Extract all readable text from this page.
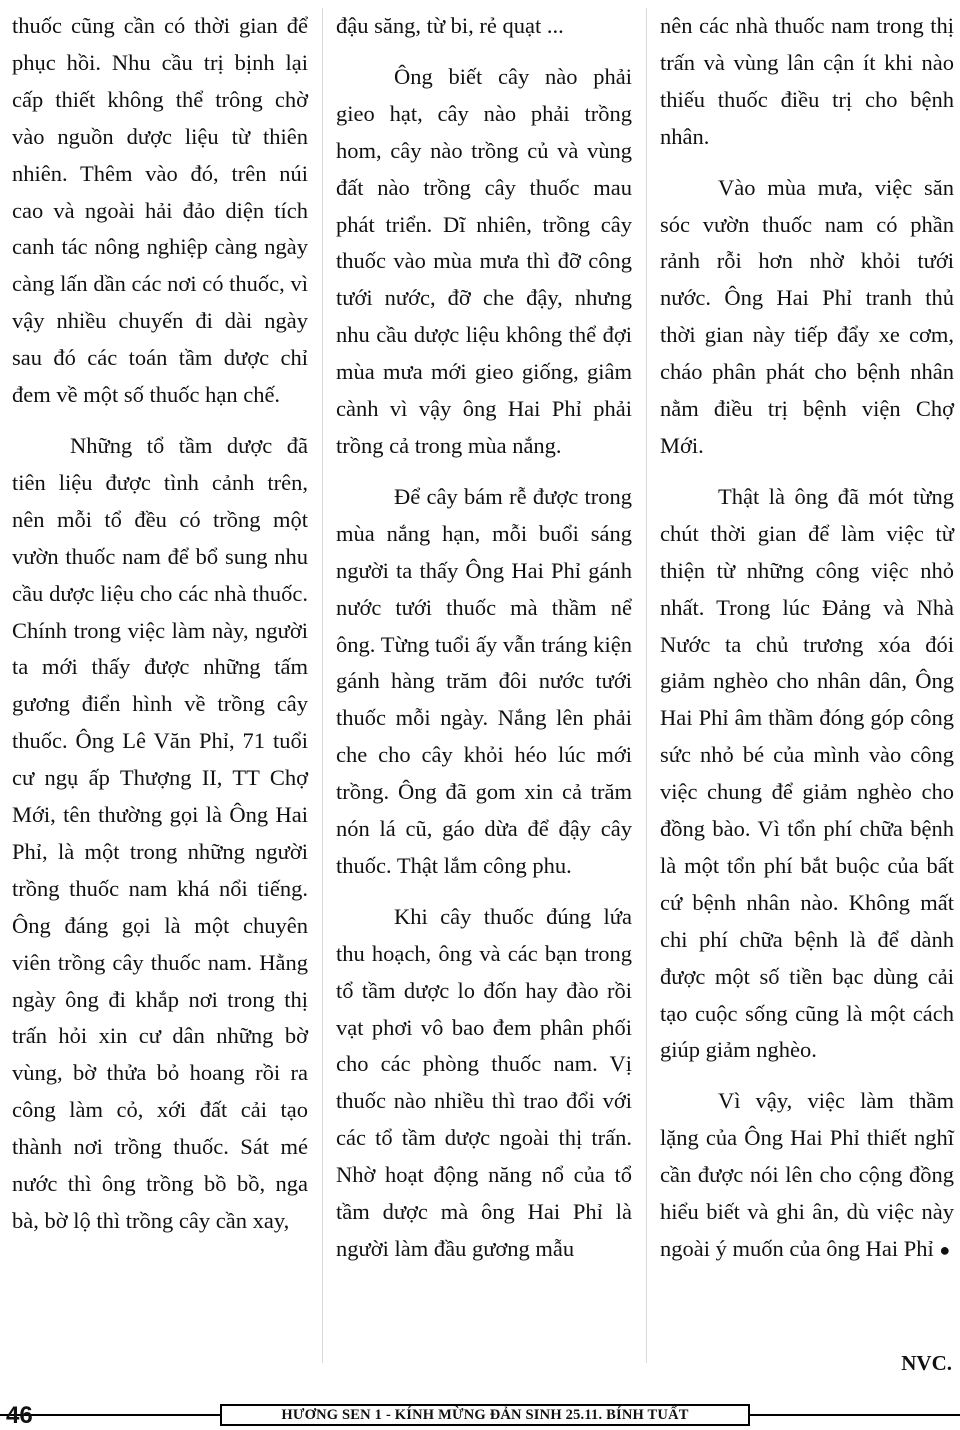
thuốc cũng cần có thời gian để phục hồi. Nhu cầu trị bịnh lại cấp thiết không thể trông chờ vào nguồn dược liệu từ thiên nhiên. Thêm vào đó, trên núi cao và ngoài hải đảo diện tích canh tác nông nghiệp càng ngày càng lấn dần các nơi có thuốc, vì vậy nhiều chuyến đi dài ngày sau đó các toán tầm dược chỉ đem về một số thuốc hạn chế.

Những tổ tầm dược đã tiên liệu được tình cảnh trên, nên mỗi tổ đều có trồng một vườn thuốc nam để bổ sung nhu cầu dược liệu cho các nhà thuốc. Chính trong việc làm này, người ta mới thấy được những tấm gương điển hình về trồng cây thuốc. Ông Lê Văn Phỉ, 71 tuổi cư ngụ ấp Thượng II, TT Chợ Mới, tên thường gọi là Ông Hai Phỉ, là một trong những người trồng thuốc nam khá nổi tiếng. Ông đáng gọi là một chuyên viên trồng cây thuốc nam. Hằng ngày ông đi khắp nơi trong thị trấn hỏi xin cư dân những bờ vùng, bờ thửa bỏ hoang rồi ra công làm cỏ, xới đất cải tạo thành nơi trồng thuốc. Sát mé nước thì ông trồng bồ bồ, nga bà, bờ lộ thì trồng cây cần xay,

đậu săng, từ bi, rẻ quạt ...

Ông biết cây nào phải gieo hạt, cây nào phải trồng hom, cây nào trồng củ và vùng đất nào trồng cây thuốc mau phát triển. Dĩ nhiên, trồng cây thuốc vào mùa mưa thì đỡ công tưới nước, đỡ che đậy, nhưng nhu cầu dược liệu không thể đợi mùa mưa mới gieo giống, giâm cành vì vậy ông Hai Phỉ phải trồng cả trong mùa nắng.

Để cây bám rễ được trong mùa nắng hạn, mỗi buổi sáng người ta thấy Ông Hai Phỉ gánh nước tưới thuốc mà thầm nể ông. Từng tuổi ấy vẫn tráng kiện gánh hàng trăm đôi nước tưới thuốc mỗi ngày. Nắng lên phải che cho cây khỏi héo lúc mới trồng. Ông đã gom xin cả trăm nón lá cũ, gáo dừa để đậy cây thuốc. Thật lắm công phu.

Khi cây thuốc đúng lứa thu hoạch, ông và các bạn trong tổ tầm dược lo đốn hay đào rồi vạt phơi vô bao đem phân phối cho các phòng thuốc nam. Vị thuốc nào nhiều thì trao đổi với các tổ tầm dược ngoài thị trấn. Nhờ hoạt động năng nổ của tổ tầm dược mà ông Hai Phỉ là người làm đầu gương mẫu

nên các nhà thuốc nam trong thị trấn và vùng lân cận ít khi nào thiếu thuốc điều trị cho bệnh nhân.

Vào mùa mưa, việc săn sóc vườn thuốc nam có phần rảnh rỗi hơn nhờ khỏi tưới nước. Ông Hai Phỉ tranh thủ thời gian này tiếp đẩy xe cơm, cháo phân phát cho bệnh nhân nằm điều trị bệnh viện Chợ Mới.

Thật là ông đã mót từng chút thời gian để làm việc từ thiện từ những công việc nhỏ nhất. Trong lúc Đảng và Nhà Nước ta chủ trương xóa đói giảm nghèo cho nhân dân, Ông Hai Phỉ âm thầm đóng góp công sức nhỏ bé của mình vào công việc chung để giảm nghèo cho đồng bào. Vì tổn phí chữa bệnh là một tổn phí bắt buộc của bất cứ bệnh nhân nào. Không mất chi phí chữa bệnh là để dành được một số tiền bạc dùng cải tạo cuộc sống cũng là một cách giúp giảm nghèo.

Vì vậy, việc làm thầm lặng của Ông Hai Phỉ thiết nghĩ cần được nói lên cho cộng đồng hiểu biết và ghi ân, dù việc này ngoài ý muốn của ông Hai Phỉ ●

NVC.
46	HƯƠNG SEN 1 - KÍNH MỪNG ĐẢN SINH 25.11. BÍNH TUẤT
